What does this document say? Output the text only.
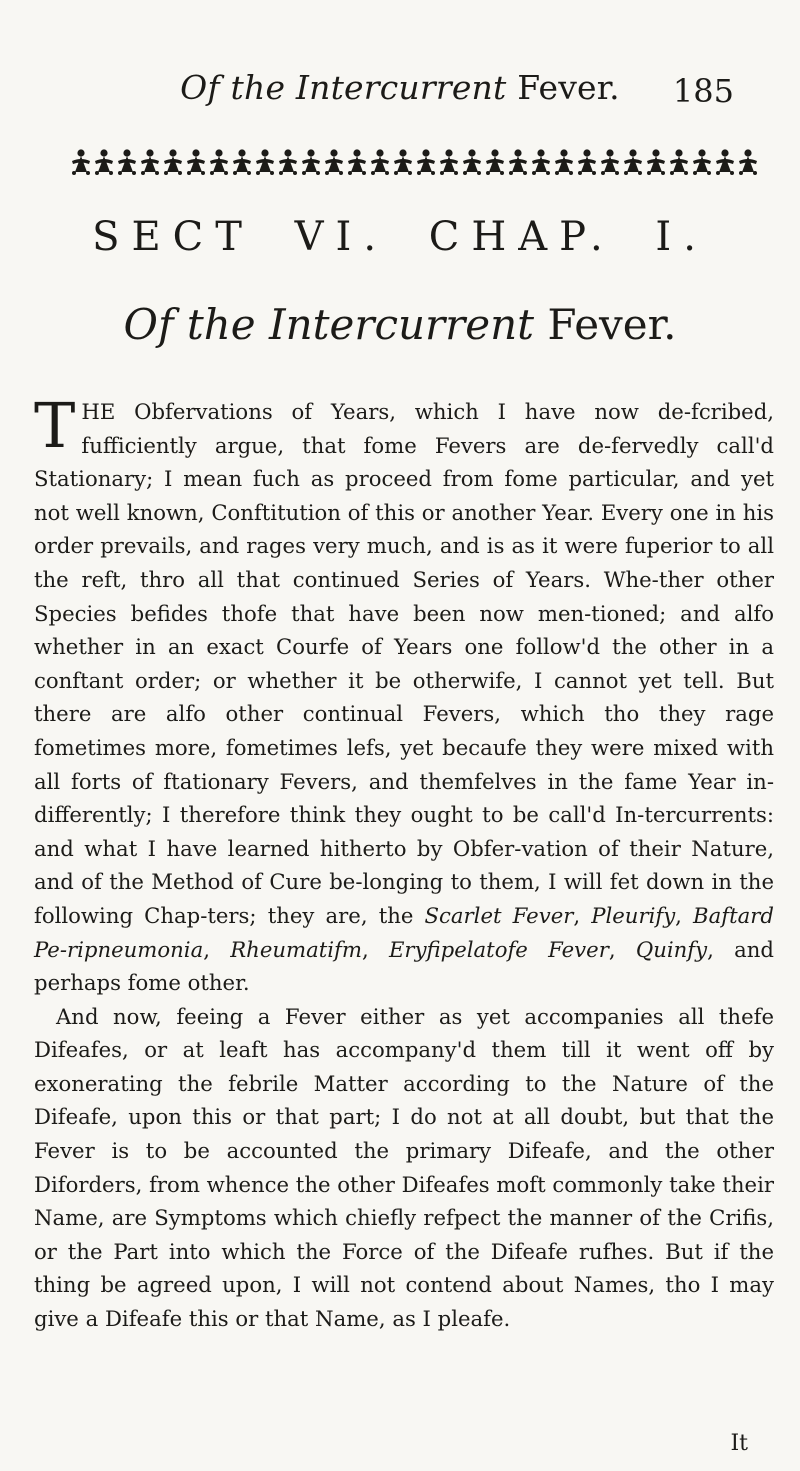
Of the Intercurrent Fever.	185
SECT VI. CHAP. I.
Of the Intercurrent Fever.

THE Obfervations of Years, which I have now de-fcribed, fufficiently argue, that fome Fevers are de-fervedly call'd Stationary; I mean fuch as proceed from fome particular, and yet not well known, Conftitution of this or another Year. Every one in his order prevails, and rages very much, and is as it were fuperior to all the reft, thro all that continued Series of Years. Whe-ther other Species befides thofe that have been now men-tioned; and alfo whether in an exact Courfe of Years one follow'd the other in a conftant order; or whether it be otherwife, I cannot yet tell. But there are alfo other continual Fevers, which tho they rage fometimes more, fometimes lefs, yet becaufe they were mixed with all forts of ftationary Fevers, and themfelves in the fame Year in-differently; I therefore think they ought to be call'd In-tercurrents: and what I have learned hitherto by Obfer-vation of their Nature, and of the Method of Cure be-longing to them, I will fet down in the following Chap-ters; they are, the Scarlet Fever, Pleurify, Baftard Pe-ripneumonia, Rheumatifm, Eryfipelatofe Fever, Quinfy, and perhaps fome other.

And now, feeing a Fever either as yet accompanies all thefe Difeafes, or at leaft has accompany'd them till it went off by exonerating the febrile Matter according to the Nature of the Difeafe, upon this or that part; I do not at all doubt, but that the Fever is to be accounted the primary Difeafe, and the other Diforders, from whence the other Difeafes moft commonly take their Name, are Symptoms which chiefly refpect the manner of the Crifis, or the Part into which the Force of the Difeafe rufhes. But if the thing be agreed upon, I will not contend about Names, tho I may give a Difeafe this or that Name, as I pleafe.

It
